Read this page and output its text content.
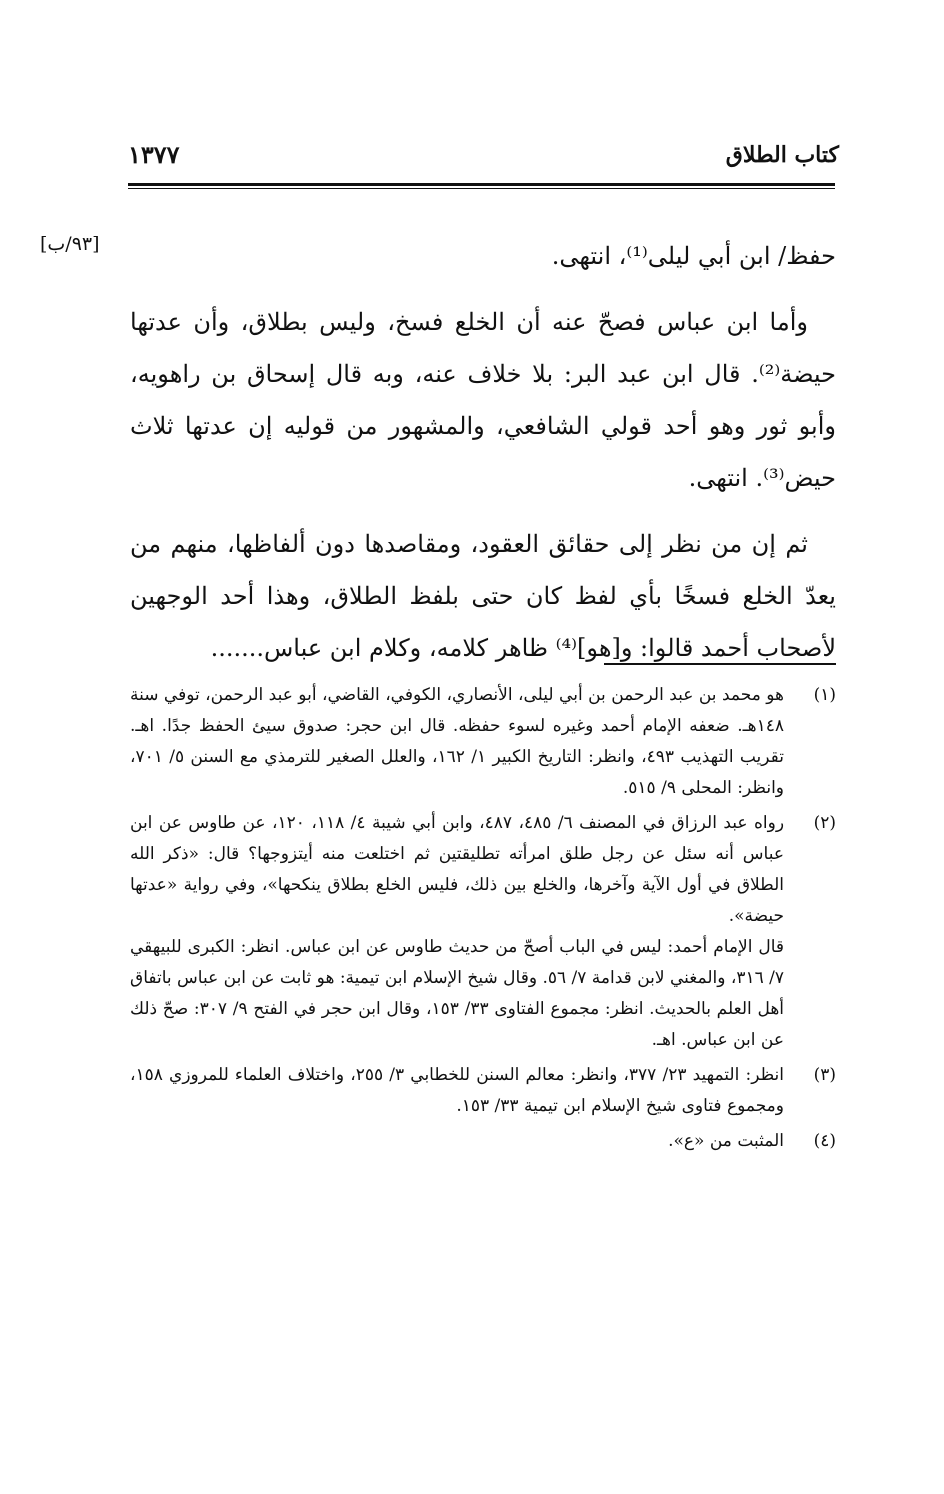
كتاب الطلاق
١٣٧٧
[٩٣/ب]	حفظ/ ابن أبي ليلى⁽¹⁾، انتهى.

وأما ابن عباس فصحّ عنه أن الخلع فسخ، وليس بطلاق، وأن عدتها حيضة⁽²⁾. قال ابن عبد البر: بلا خلاف عنه، وبه قال إسحاق بن راهويه، وأبو ثور وهو أحد قولي الشافعي، والمشهور من قوليه إن عدتها ثلاث حيض⁽³⁾. انتهى.

ثم إن من نظر إلى حقائق العقود، ومقاصدها دون ألفاظها، منهم من يعدّ الخلع فسخًا بأي لفظ كان حتى بلفظ الطلاق، وهذا أحد الوجهين لأصحاب أحمد قالوا: و[هو]⁽⁴⁾ ظاهر كلامه، وكلام ابن عباس.......

(١)

هو محمد بن عبد الرحمن بن أبي ليلى، الأنصاري، الكوفي، القاضي، أبو عبد الرحمن، توفي سنة ١٤٨هـ. ضعفه الإمام أحمد وغيره لسوء حفظه. قال ابن حجر: صدوق سيئ الحفظ جدًا. اهـ. تقريب التهذيب ٤٩٣، وانظر: التاريخ الكبير ١/ ١٦٢، والعلل الصغير للترمذي مع السنن ٥/ ٧٠١، وانظر: المحلى ٩/ ٥١٥.

(٢)

رواه عبد الرزاق في المصنف ٦/ ٤٨٥، ٤٨٧، وابن أبي شيبة ٤/ ١١٨، ١٢٠، عن طاوس عن ابن عباس أنه سئل عن رجل طلق امرأته تطليقتين ثم اختلعت منه أيتزوجها؟ قال: «ذكر الله الطلاق في أول الآية وآخرها، والخلع بين ذلك، فليس الخلع بطلاق ينكحها»، وفي رواية «عدتها حيضة».

قال الإمام أحمد: ليس في الباب أصحّ من حديث طاوس عن ابن عباس. انظر: الكبرى للبيهقي ٧/ ٣١٦، والمغني لابن قدامة ٧/ ٥٦. وقال شيخ الإسلام ابن تيمية: هو ثابت عن ابن عباس باتفاق أهل العلم بالحديث. انظر: مجموع الفتاوى ٣٣/ ١٥٣، وقال ابن حجر في الفتح ٩/ ٣٠٧: صحّ ذلك عن ابن عباس. اهـ.

(٣)

انظر: التمهيد ٢٣/ ٣٧٧، وانظر: معالم السنن للخطابي ٣/ ٢٥٥، واختلاف العلماء للمروزي ١٥٨، ومجموع فتاوى شيخ الإسلام ابن تيمية ٣٣/ ١٥٣.

(٤)

المثبت من «ع».
